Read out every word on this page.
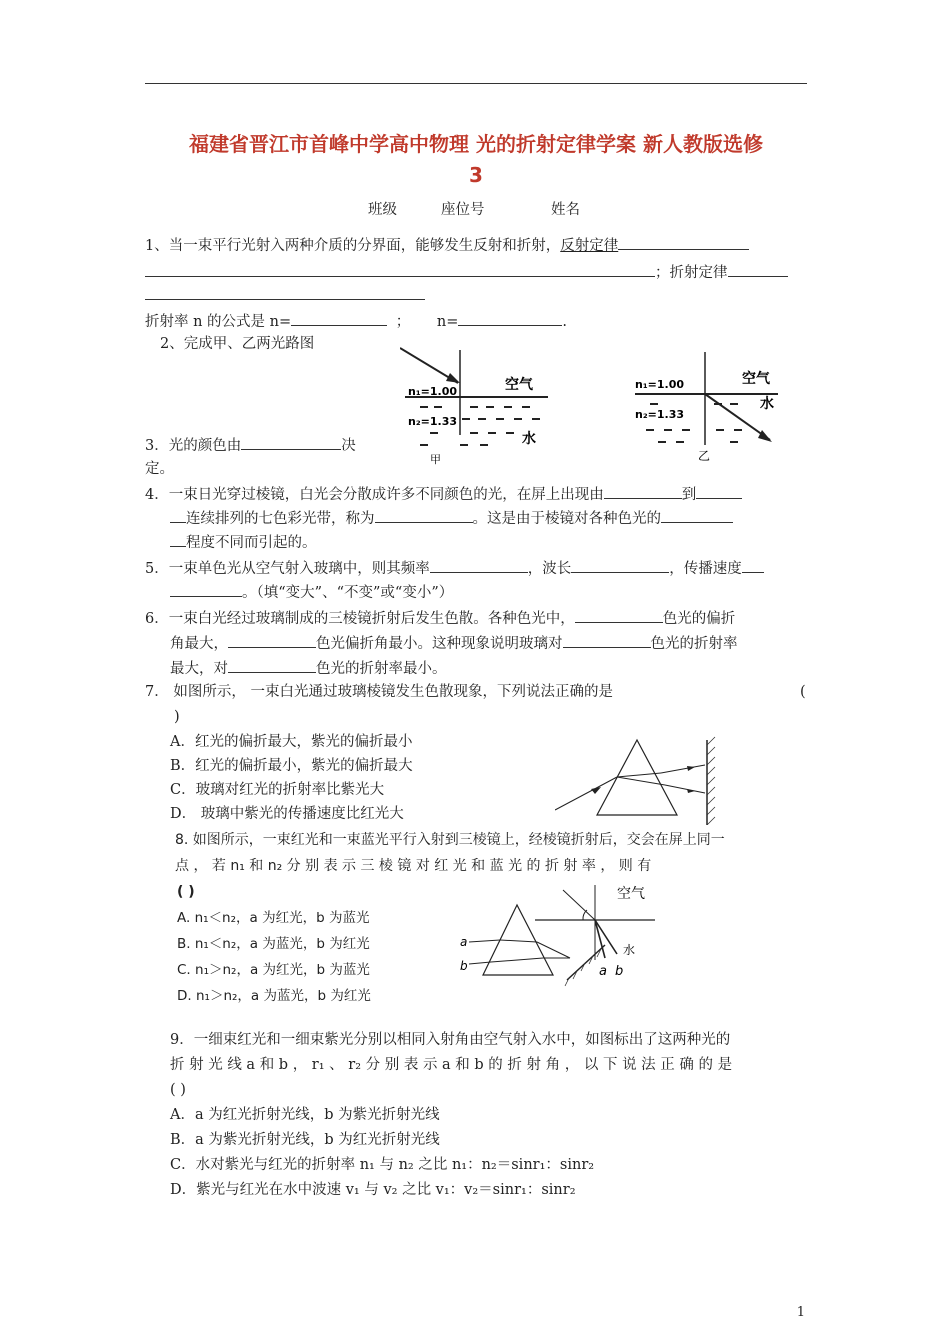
福建省晋江市首峰中学高中物理 光的折射定律学案 新人教版选修
3
班级	座位号	姓名
1、当一束平行光射入两种介质的分界面，能够发生反射和折射，反射定律
；折射定律
折射率 n 的公式是 n=	； n=	.
2、完成甲、乙两光路图
n₁=1.00
n₂=1.33
空气
水
甲
n₁=1.00
n₂=1.33
空气
水
乙
3．光的颜色由	决
定。
4．一束日光穿过棱镜，白光会分散成许多不同颜色的光，在屏上出现由	到
连续排列的七色彩光带，称为	。这是由于棱镜对各种色光的
程度不同而引起的。
5．一束单色光从空气射入玻璃中，则其频率	，波长	，传播速度
。（填“变大”、“不变”或“变小”）
6．一束白光经过玻璃制成的三棱镜折射后发生色散。各种色光中，	色光的偏折
角最大，	色光偏折角最小。这种现象说明玻璃对	色光的折射率
最大，对	色光的折射率最小。
7． 如图所示， 一束白光通过玻璃棱镜发生色散现象，下列说法正确的是	(
)
A．红光的偏折最大，紫光的偏折最小
B．红光的偏折最小，紫光的偏折最大
C．玻璃对红光的折射率比紫光大
D． 玻璃中紫光的传播速度比红光大
8. 如图所示，一束红光和一束蓝光平行入射到三棱镜上，经棱镜折射后，交会在屏上同一
点 ， 若 n₁ 和 n₂ 分 别 表 示 三 棱 镜 对 红 光 和 蓝 光 的 折 射 率 ， 则 有
( )
A. n₁＜n₂，a 为红光，b 为蓝光
B. n₁＜n₂，a 为蓝光，b 为红光
C. n₁＞n₂，a 为红光，b 为蓝光
D. n₁＞n₂，a 为蓝光，b 为红光
a
b
空气
水
a b
9．一细束红光和一细束紫光分别以相同入射角由空气射入水中，如图标出了这两种光的
折 射 光 线 a 和 b ， r₁ 、 r₂ 分 别 表 示 a 和 b 的 折 射 角 ， 以 下 说 法 正 确 的 是
( )
A．a 为红光折射光线，b 为紫光折射光线
B．a 为紫光折射光线，b 为红光折射光线
C．水对紫光与红光的折射率 n₁ 与 n₂ 之比 n₁：n₂＝sinr₁：sinr₂
D．紫光与红光在水中波速 v₁ 与 v₂ 之比 v₁：v₂＝sinr₁：sinr₂
1
